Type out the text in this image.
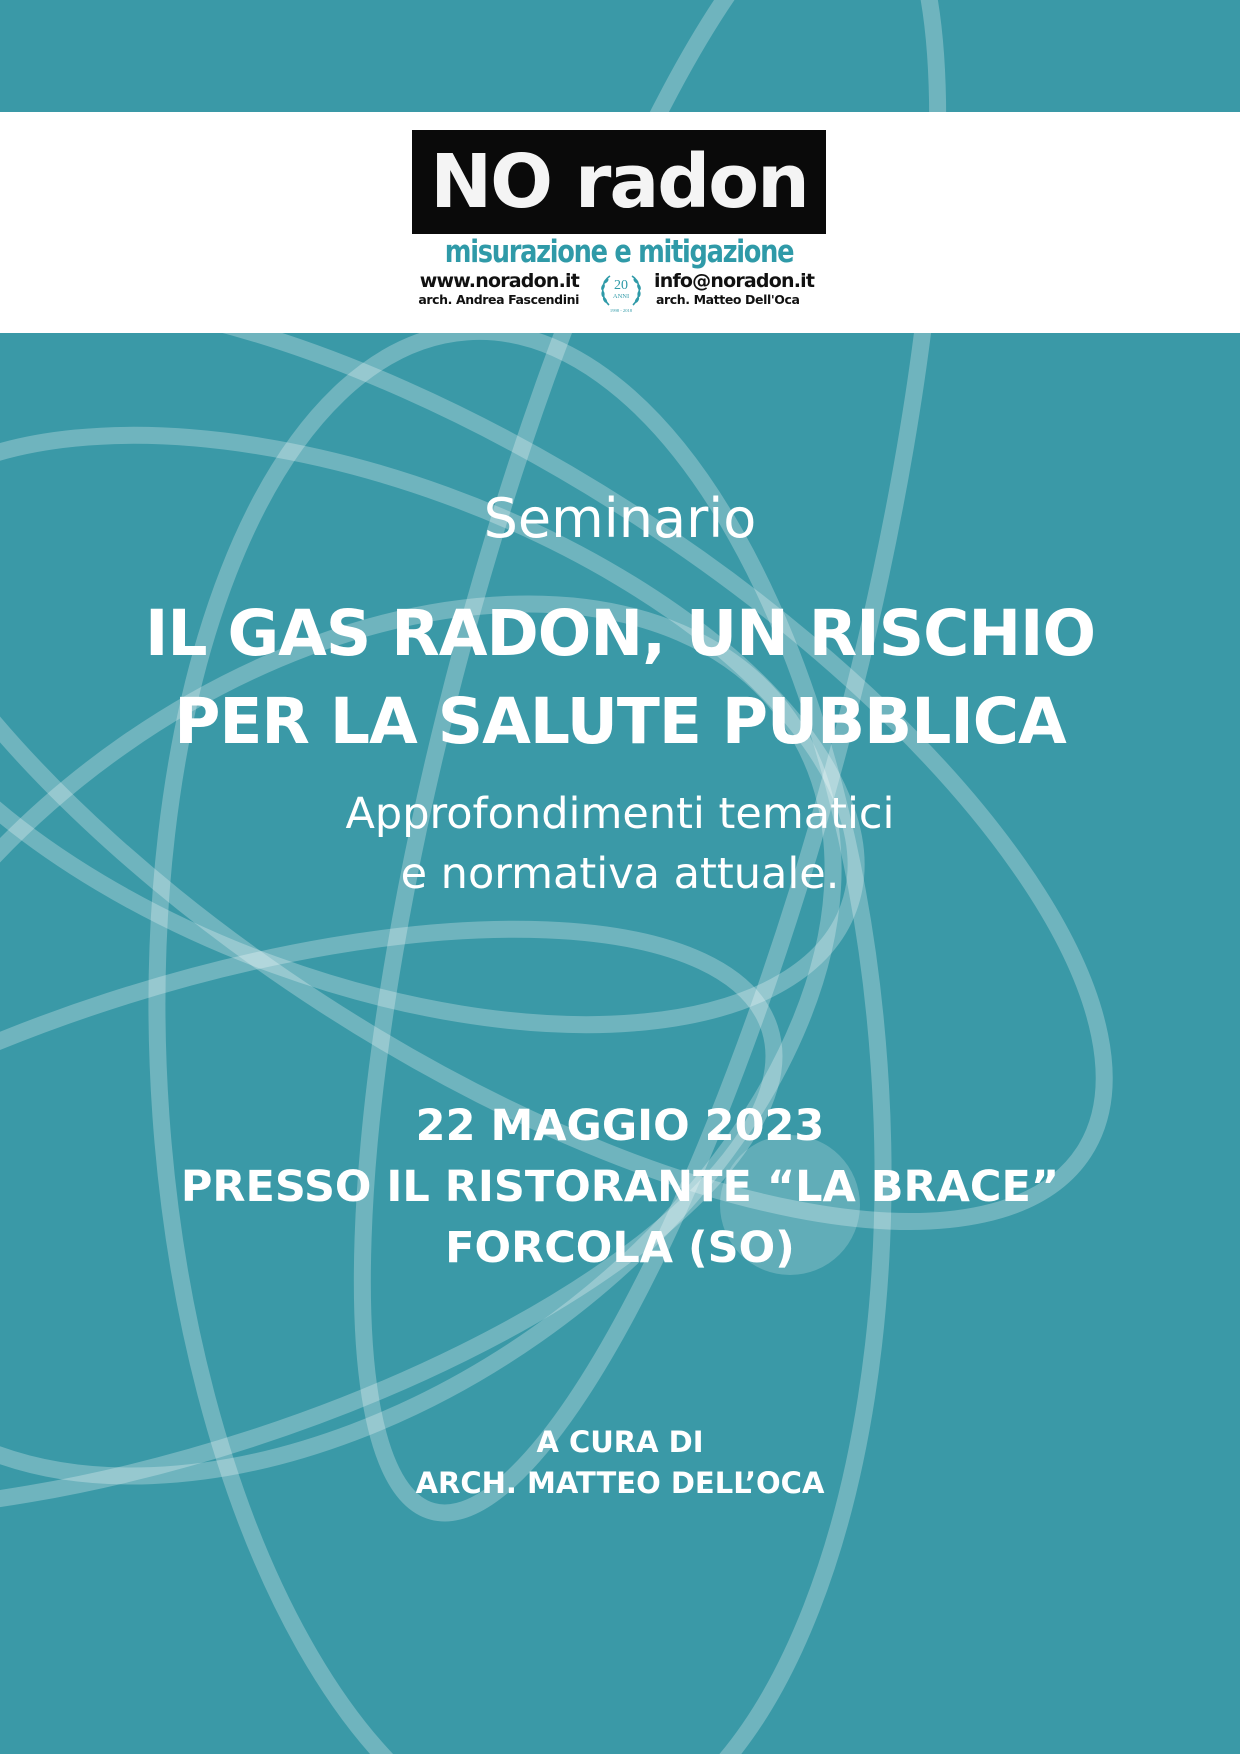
NO radon
misurazione e mitigazione
www.noradon.it
arch. Andrea Fascendini
20
ANNI
1998 - 2018
info@noradon.it
arch. Matteo Dell'Oca
Seminario
IL GAS RADON, UN RISCHIO
PER LA SALUTE PUBBLICA
Approfondimenti tematici
e normativa attuale.
22 MAGGIO 2023
PRESSO IL RISTORANTE “LA BRACE”
FORCOLA (SO)
A CURA DI
ARCH. MATTEO DELL’OCA
